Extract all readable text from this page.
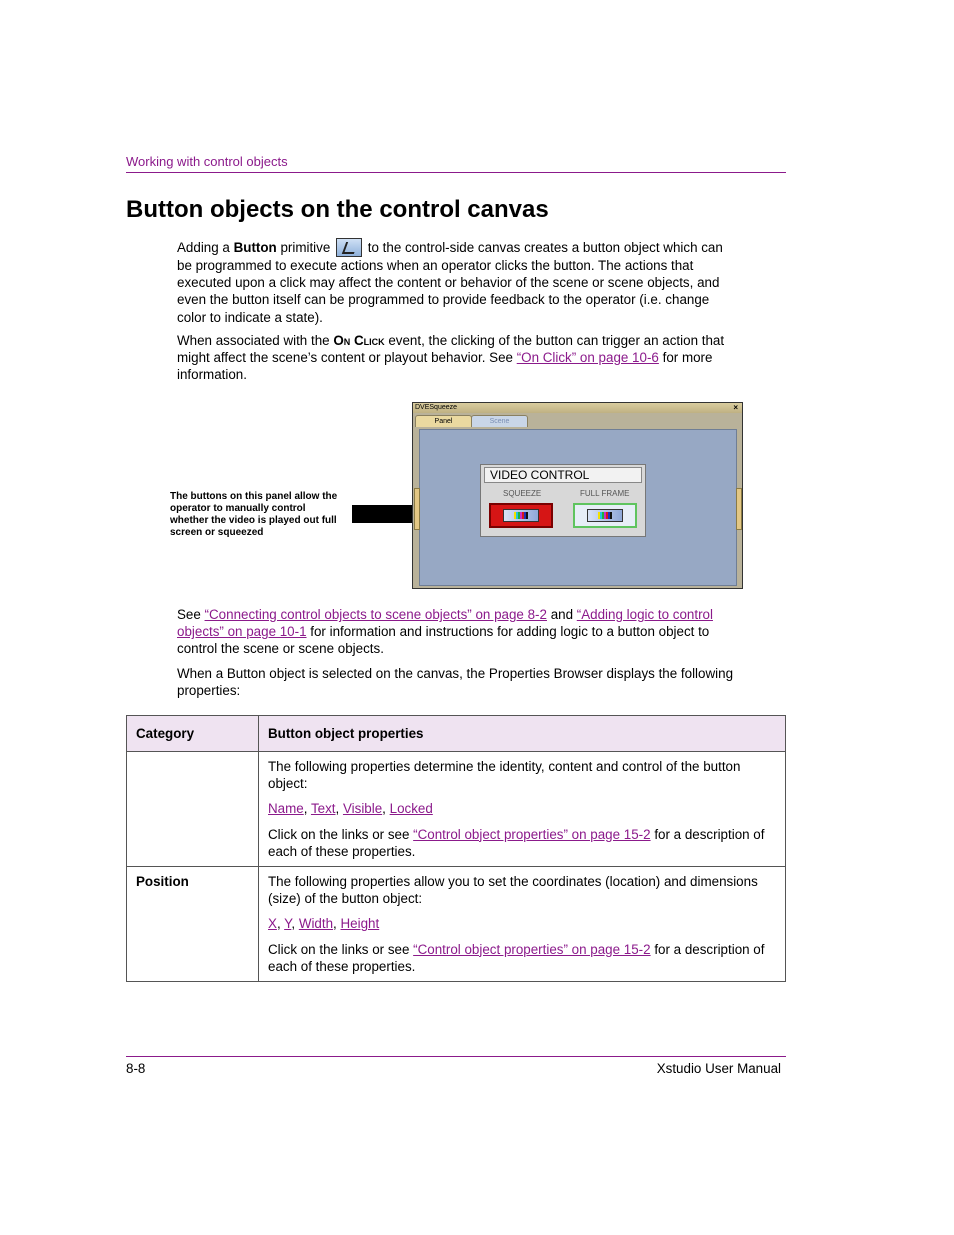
Working with control objects
Button objects on the control canvas
Adding a Button primitive	to the control-side canvas creates a button object which can be programmed to execute actions when an operator clicks the button. The actions that executed upon a click may affect the content or behavior of the scene or scene objects, and even the button itself can be programmed to provide feedback to the operator (i.e. change color to indicate a state).
When associated with the On Click event, the clicking of the button can trigger an action that might affect the scene’s content or playout behavior. See “On Click” on page 10-6 for more information.
The buttons on this panel allow the operator to manually control whether the video is played out full screen or squeezed
DVESqueeze	×
Panel	Scene
VIDEO CONTROL
SQUEEZE	FULL FRAME
See “Connecting control objects to scene objects” on page 8-2 and “Adding logic to control objects” on page 10-1 for information and instructions for adding logic to a button object to control the scene or scene objects.
When a Button object is selected on the canvas, the Properties Browser displays the following properties:
Category	Button object properties

	The following properties determine the identity, content and control of the button object:

Name, Text, Visible, Locked

Click on the links or see “Control object properties” on page 15-2 for a description of each of these properties.

Position	The following properties allow you to set the coordinates (location) and dimensions (size) of the button object:

X, Y, Width, Height

Click on the links or see “Control object properties” on page 15-2 for a description of each of these properties.

8-8	Xstudio User Manual
